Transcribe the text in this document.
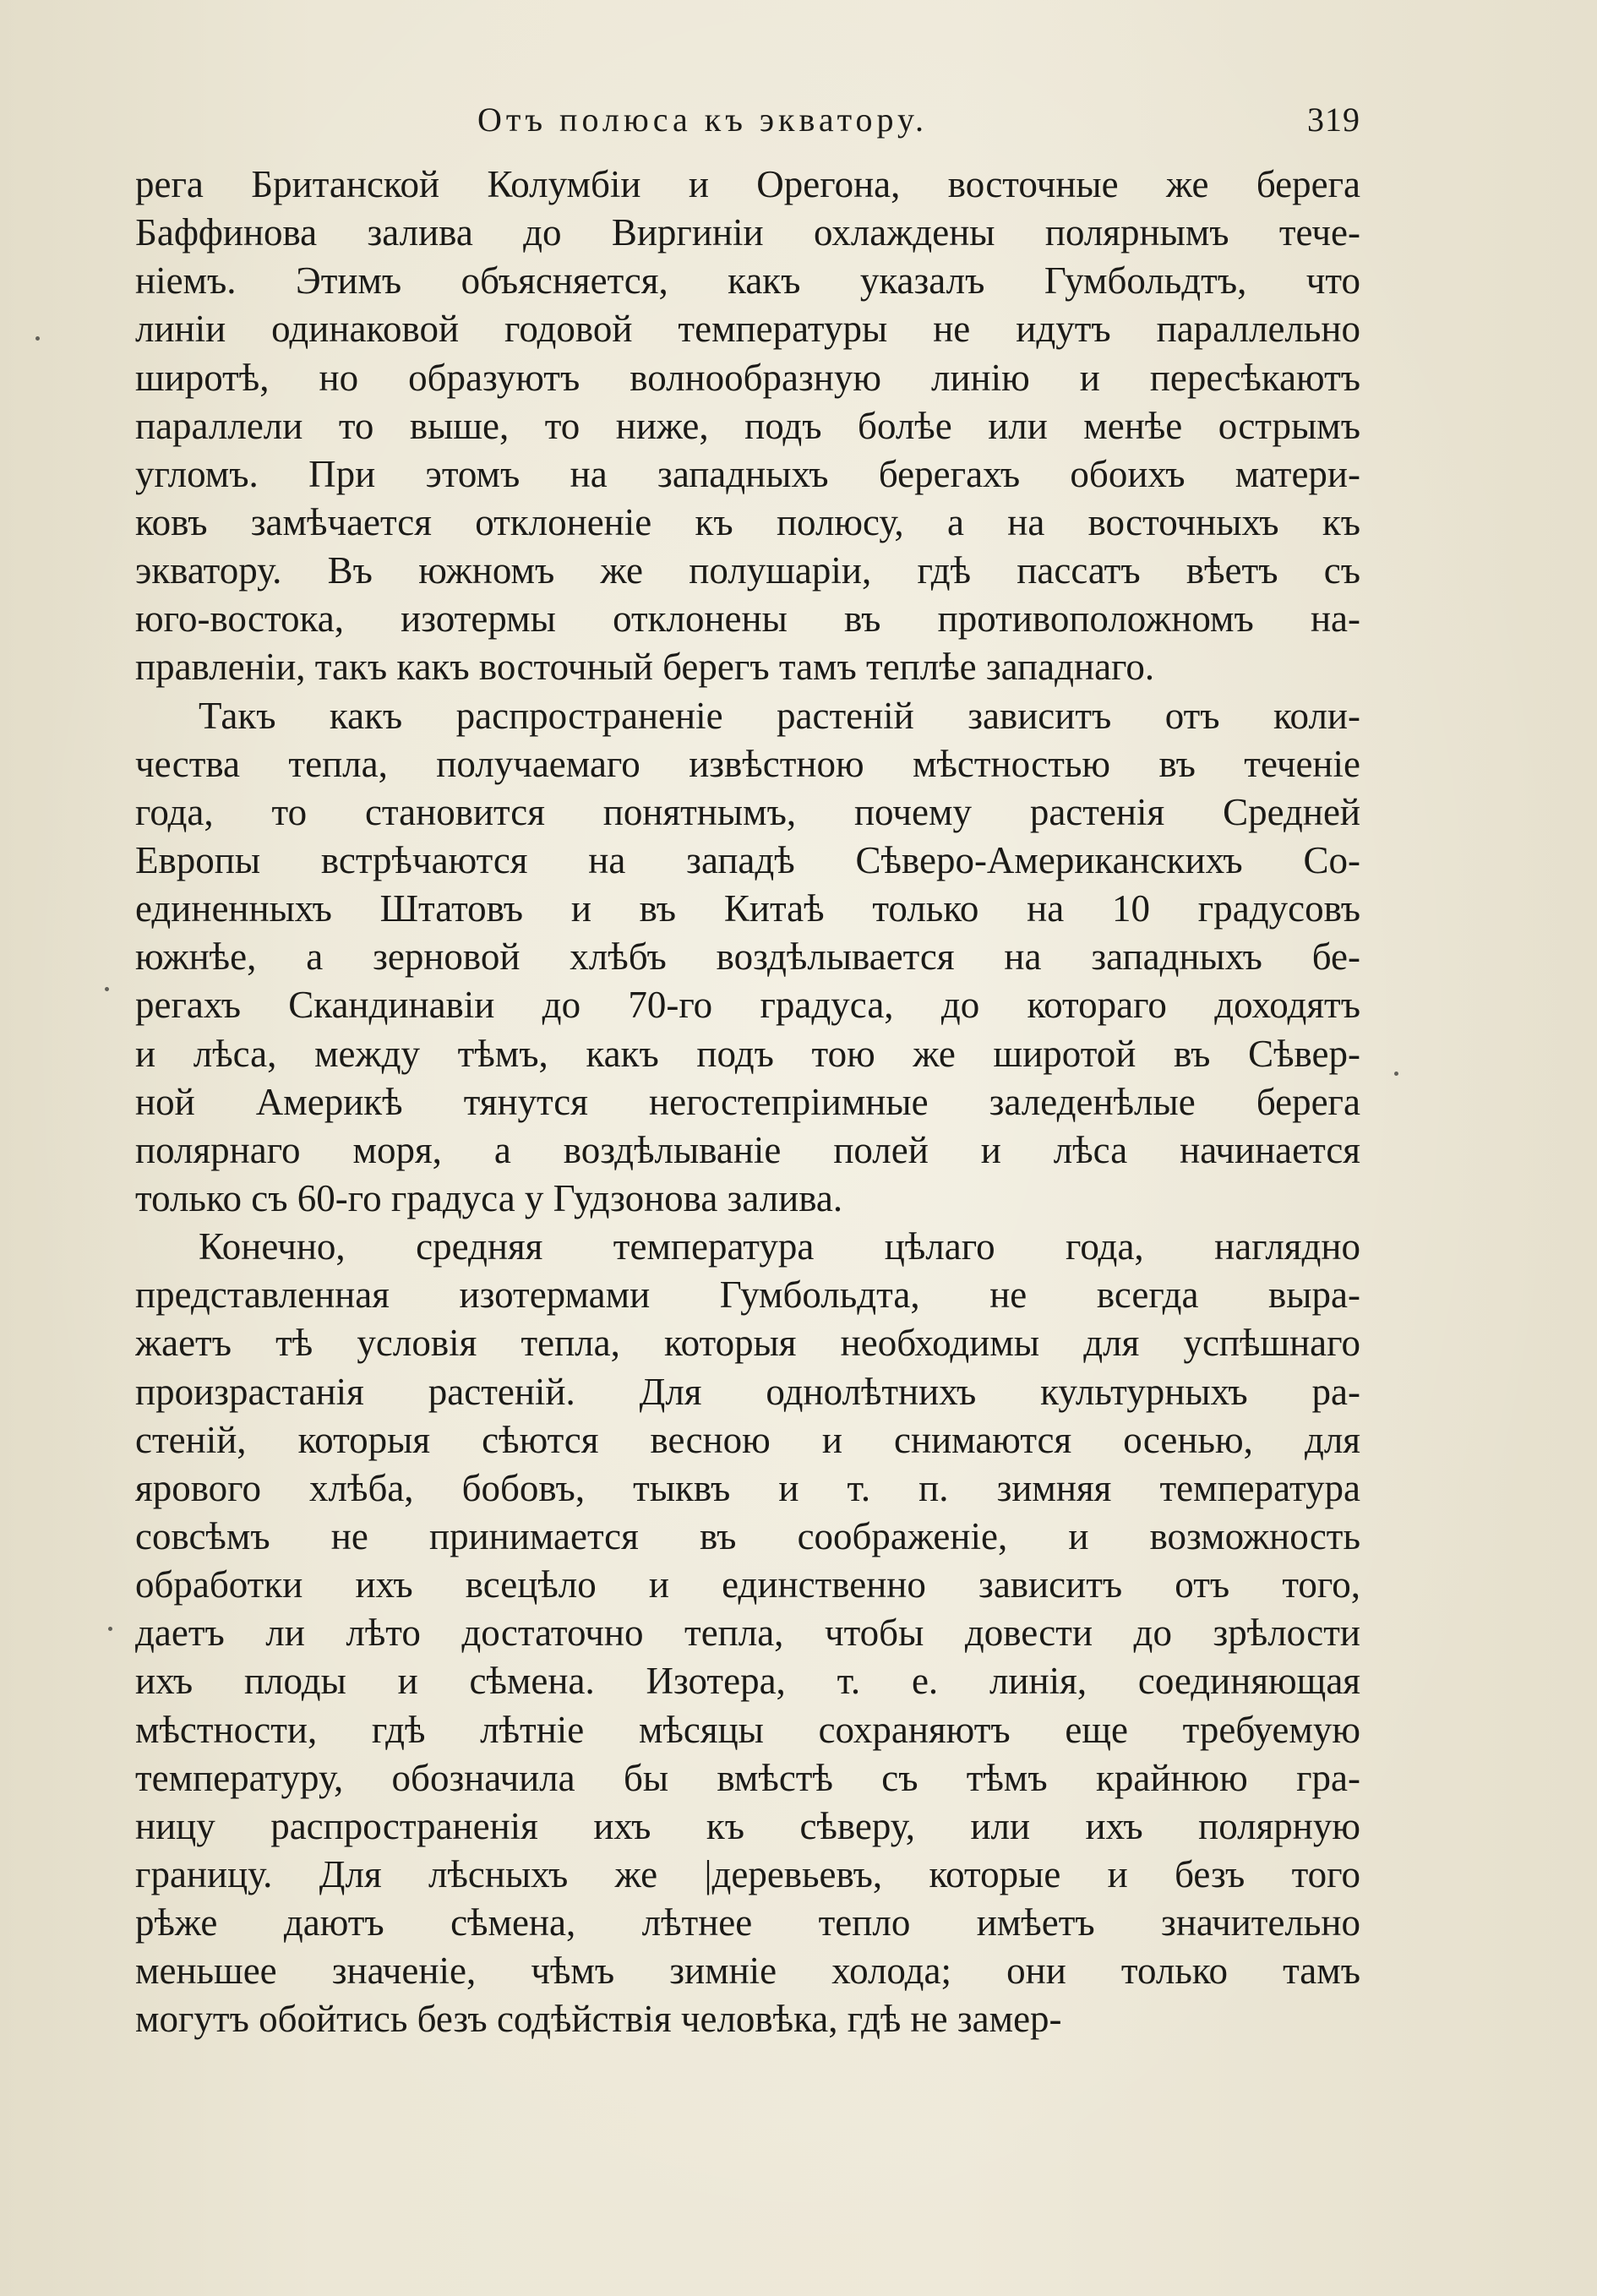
Отъ полюса къ экватору.	319
рега Британской Колумбіи и Орегона, восточные же берега
Баффинова залива до Виргиніи охлаждены полярнымъ тече-
ніемъ. Этимъ объясняется, какъ указалъ Гумбольдтъ, что
линіи одинаковой годовой температуры не идутъ параллельно
широтѣ, но образуютъ волнообразную линію и пересѣкаютъ
параллели то выше, то ниже, подъ болѣе или менѣе острымъ
угломъ. При этомъ на западныхъ берегахъ обоихъ матери-
ковъ замѣчается отклоненіе къ полюсу, а на восточныхъ къ
экватору. Въ южномъ же полушаріи, гдѣ пассатъ вѣетъ съ
юго-востока, изотермы отклонены въ противоположномъ на-
правленіи, такъ какъ восточный берегъ тамъ теплѣе западнаго.
Такъ какъ распространеніе растеній зависитъ отъ коли-
чества тепла, получаемаго извѣстною мѣстностью въ теченіе
года, то становится понятнымъ, почему растенія Средней
Европы встрѣчаются на западѣ Сѣверо-Американскихъ Со-
единенныхъ Штатовъ и въ Китаѣ только на 10 градусовъ
южнѣе, а зерновой хлѣбъ воздѣлывается на западныхъ бе-
регахъ Скандинавіи до 70-го градуса, до котораго доходятъ
и лѣса, между тѣмъ, какъ подъ тою же широтой въ Сѣвер-
ной Америкѣ тянутся негостепріимные заледенѣлые берега
полярнаго моря, а воздѣлываніе полей и лѣса начинается
только съ 60-го градуса у Гудзонова залива.
Конечно, средняя температура цѣлаго года, наглядно
представленная изотермами Гумбольдта, не всегда выра-
жаетъ тѣ условія тепла, которыя необходимы для успѣшнаго
произрастанія растеній. Для однолѣтнихъ культурныхъ ра-
стеній, которыя сѣются весною и снимаются осенью, для
ярового хлѣба, бобовъ, тыквъ и т. п. зимняя температура
совсѣмъ не принимается въ соображеніе, и возможность
обработки ихъ всецѣло и единственно зависитъ отъ того,
даетъ ли лѣто достаточно тепла, чтобы довести до зрѣлости
ихъ плоды и сѣмена. Изотера, т. е. линія, соединяющая
мѣстности, гдѣ лѣтніе мѣсяцы сохраняютъ еще требуемую
температуру, обозначила бы вмѣстѣ съ тѣмъ крайнюю гра-
ницу распространенія ихъ къ сѣверу, или ихъ полярную
границу. Для лѣсныхъ же |деревьевъ, которые и безъ того
рѣже даютъ сѣмена, лѣтнее тепло имѣетъ значительно
меньшее значеніе, чѣмъ зимніе холода; они только тамъ
могутъ обойтись безъ содѣйствія человѣка, гдѣ не замер-
